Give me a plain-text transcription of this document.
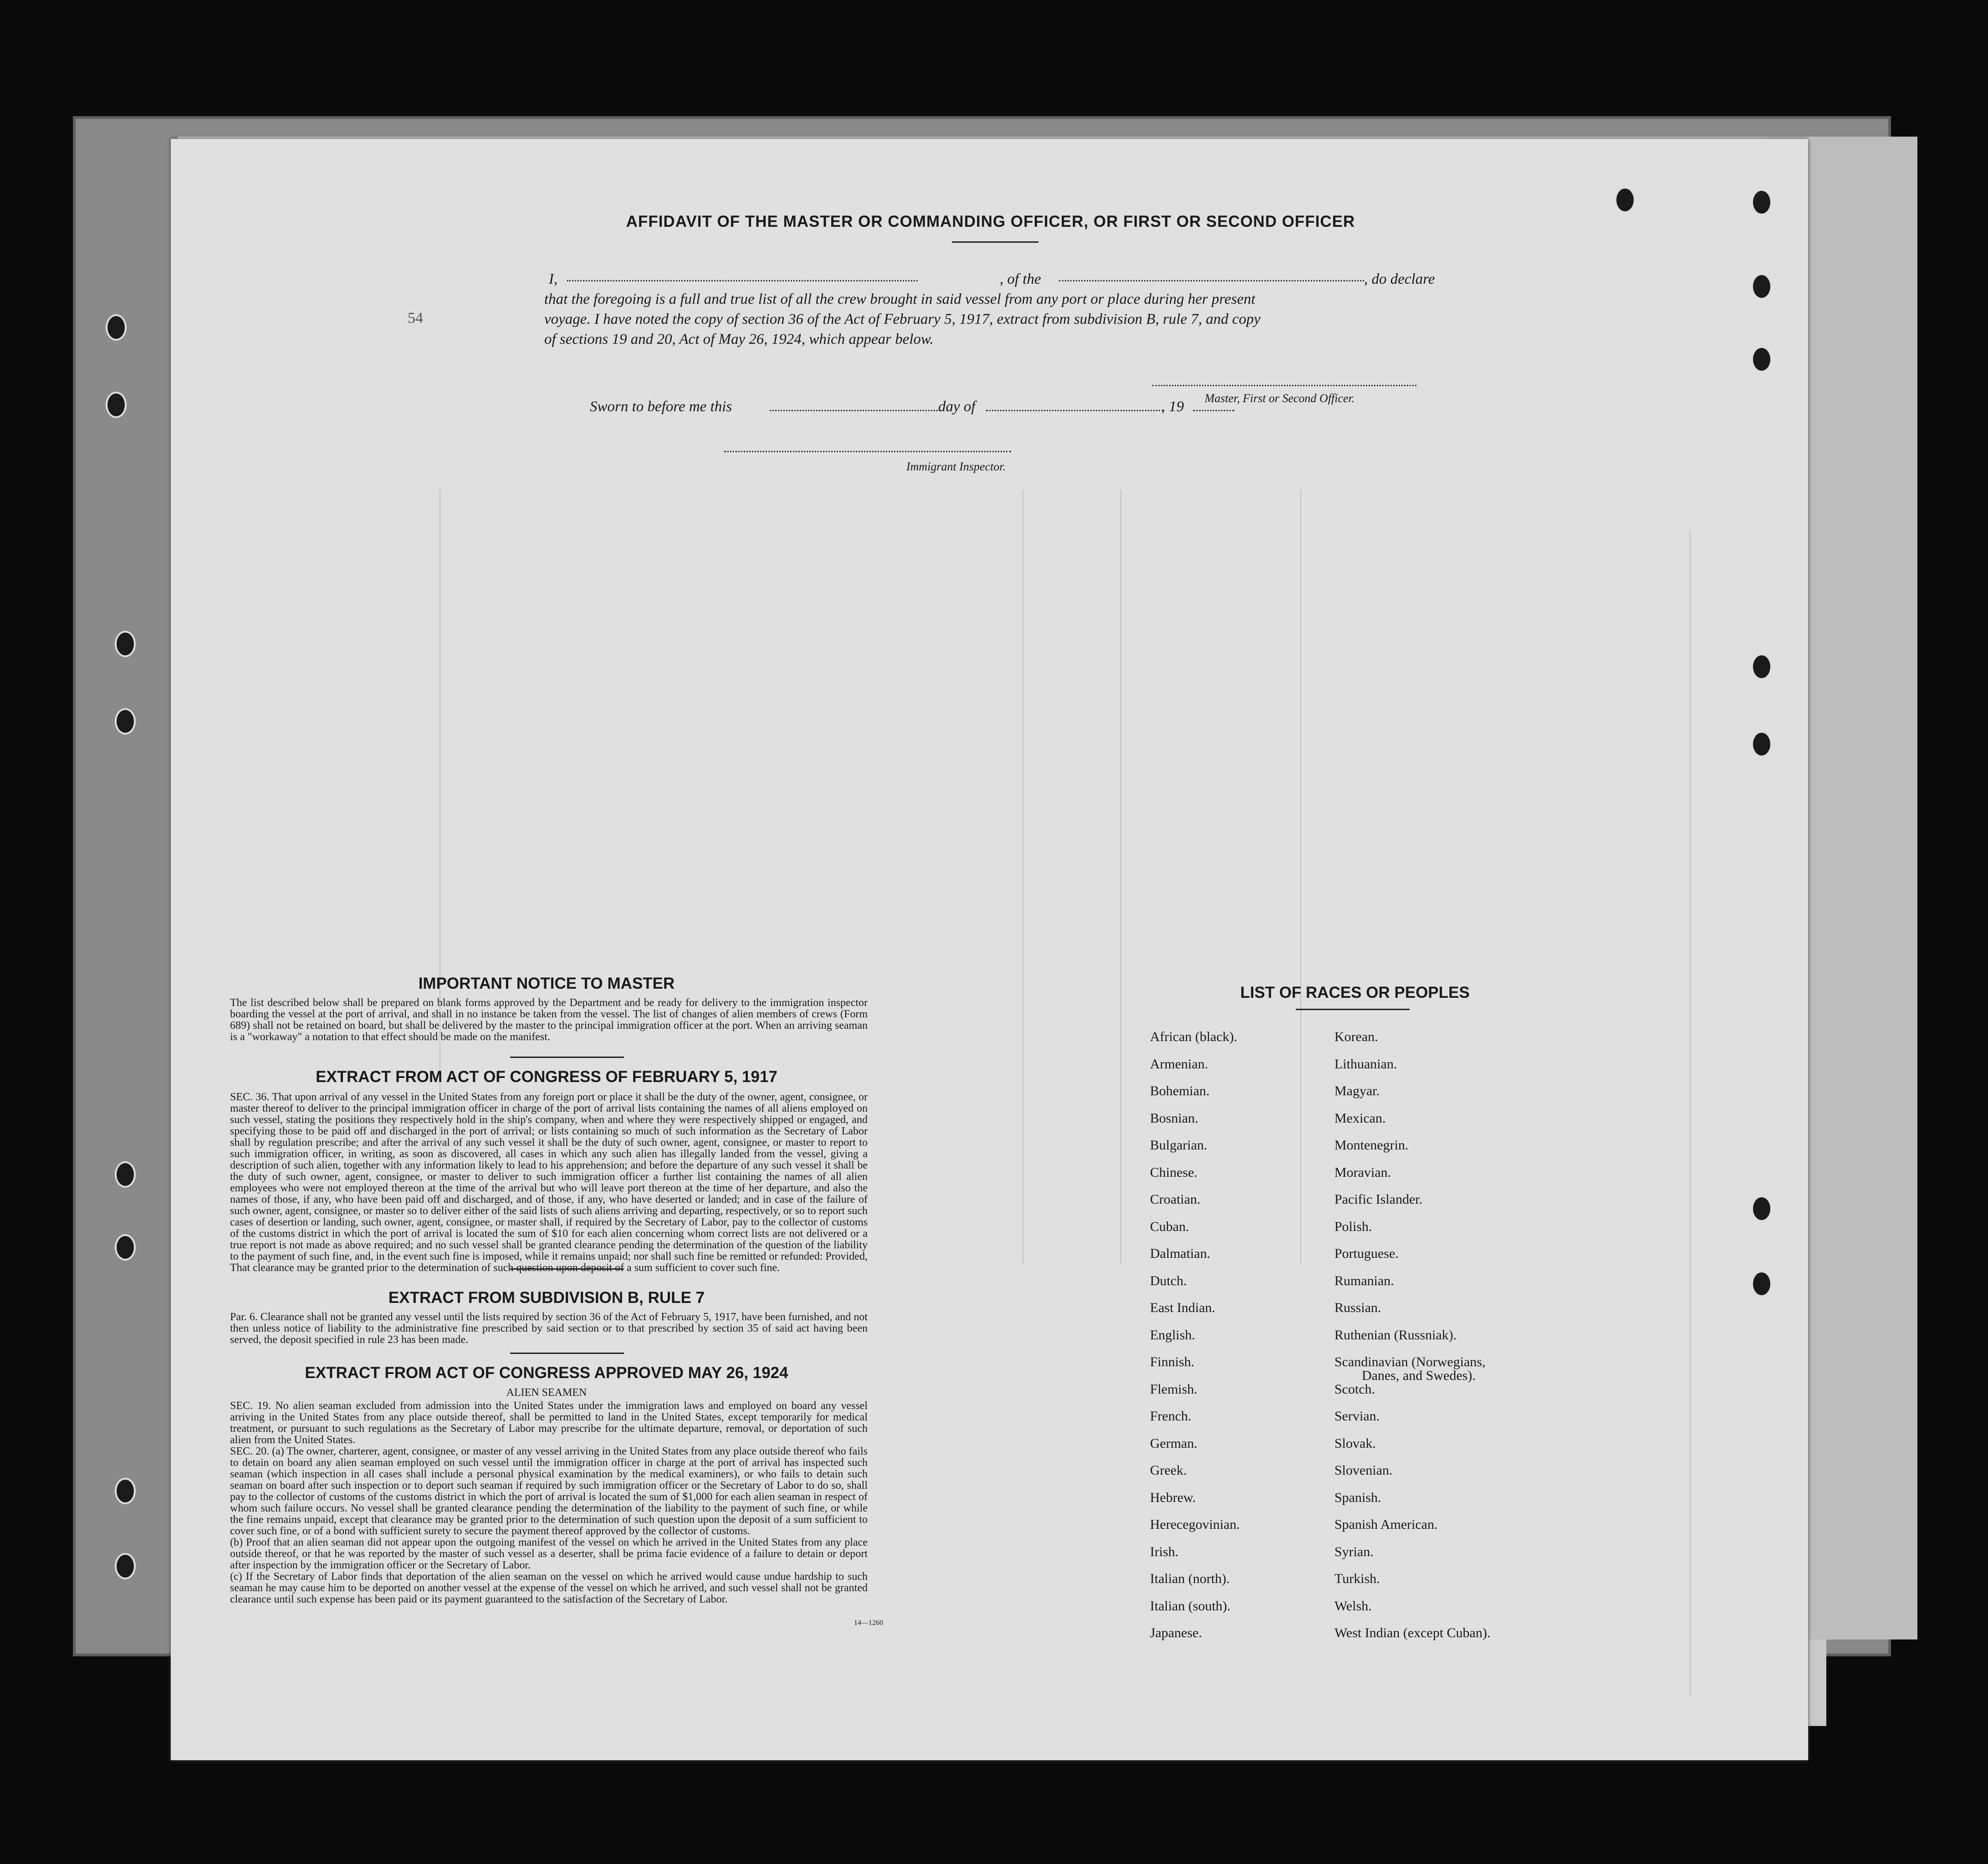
AFFIDAVIT OF THE MASTER OR COMMANDING OFFICER, OR FIRST OR SECOND OFFICER
54
I,	, of the	, do declare
that the foregoing is a full and true list of all the crew brought in said vessel from any port or place during her present
voyage. I have noted the copy of section 36 of the Act of February 5, 1917, extract from subdivision B, rule 7, and copy
of sections 19 and 20, Act of May 26, 1924, which appear below.
Master, First or Second Officer.
Sworn to before me this	day of	, 19
Immigrant Inspector.
IMPORTANT NOTICE TO MASTER
The list described below shall be prepared on blank forms approved by the Department and be ready for delivery to the immigration inspector boarding the vessel at the port of arrival, and shall in no instance be taken from the vessel. The list of changes of alien members of crews (Form 689) shall not be retained on board, but shall be delivered by the master to the principal immigration officer at the port. When an arriving seaman is a "workaway" a notation to that effect should be made on the manifest.
EXTRACT FROM ACT OF CONGRESS OF FEBRUARY 5, 1917
SEC. 36. That upon arrival of any vessel in the United States from any foreign port or place it shall be the duty of the owner, agent, consignee, or master thereof to deliver to the principal immigration officer in charge of the port of arrival lists containing the names of all aliens employed on such vessel, stating the positions they respectively hold in the ship's company, when and where they were respectively shipped or engaged, and specifying those to be paid off and discharged in the port of arrival; or lists containing so much of such information as the Secretary of Labor shall by regulation prescribe; and after the arrival of any such vessel it shall be the duty of such owner, agent, consignee, or master to report to such immigration officer, in writing, as soon as discovered, all cases in which any such alien has illegally landed from the vessel, giving a description of such alien, together with any information likely to lead to his apprehension; and before the departure of any such vessel it shall be the duty of such owner, agent, consignee, or master to deliver to such immigration officer a further list containing the names of all alien employees who were not employed thereon at the time of the arrival but who will leave port thereon at the time of her departure, and also the names of those, if any, who have been paid off and discharged, and of those, if any, who have deserted or landed; and in case of the failure of such owner, agent, consignee, or master so to deliver either of the said lists of such aliens arriving and departing, respectively, or so to report such cases of desertion or landing, such owner, agent, consignee, or master shall, if required by the Secretary of Labor, pay to the collector of customs of the customs district in which the port of arrival is located the sum of $10 for each alien concerning whom correct lists are not delivered or a true report is not made as above required; and no such vessel shall be granted clearance pending the determination of the question of the liability to the payment of such fine, and, in the event such fine is imposed, while it remains unpaid; nor shall such fine be remitted or refunded: Provided, That clearance may be granted prior to the determination of such question upon deposit of a sum sufficient to cover such fine.
EXTRACT FROM SUBDIVISION B, RULE 7
Par. 6. Clearance shall not be granted any vessel until the lists required by section 36 of the Act of February 5, 1917, have been furnished, and not then unless notice of liability to the administrative fine prescribed by said section or to that prescribed by section 35 of said act having been served, the deposit specified in rule 23 has been made.
EXTRACT FROM ACT OF CONGRESS APPROVED MAY 26, 1924
ALIEN SEAMEN
SEC. 19. No alien seaman excluded from admission into the United States under the immigration laws and employed on board any vessel arriving in the United States from any place outside thereof, shall be permitted to land in the United States, except temporarily for medical treatment, or pursuant to such regulations as the Secretary of Labor may prescribe for the ultimate departure, removal, or deportation of such alien from the United States.
SEC. 20. (a) The owner, charterer, agent, consignee, or master of any vessel arriving in the United States from any place outside thereof who fails to detain on board any alien seaman employed on such vessel until the immigration officer in charge at the port of arrival has inspected such seaman (which inspection in all cases shall include a personal physical examination by the medical examiners), or who fails to detain such seaman on board after such inspection or to deport such seaman if required by such immigration officer or the Secretary of Labor to do so, shall pay to the collector of customs of the customs district in which the port of arrival is located the sum of $1,000 for each alien seaman in respect of whom such failure occurs. No vessel shall be granted clearance pending the determination of the liability to the payment of such fine, or while the fine remains unpaid, except that clearance may be granted prior to the determination of such question upon the deposit of a sum sufficient to cover such fine, or of a bond with sufficient surety to secure the payment thereof approved by the collector of customs.
(b) Proof that an alien seaman did not appear upon the outgoing manifest of the vessel on which he arrived in the United States from any place outside thereof, or that he was reported by the master of such vessel as a deserter, shall be prima facie evidence of a failure to detain or deport after inspection by the immigration officer or the Secretary of Labor.
(c) If the Secretary of Labor finds that deportation of the alien seaman on the vessel on which he arrived would cause undue hardship to such seaman he may cause him to be deported on another vessel at the expense of the vessel on which he arrived, and such vessel shall not be granted clearance until such expense has been paid or its payment guaranteed to the satisfaction of the Secretary of Labor.
14—1260
LIST OF RACES OR PEOPLES
African (black).
Armenian.
Bohemian.
Bosnian.
Bulgarian.
Chinese.
Croatian.
Cuban.
Dalmatian.
Dutch.
East Indian.
English.
Finnish.
Flemish.
French.
German.
Greek.
Hebrew.
Herecegovinian.
Irish.
Italian (north).
Italian (south).
Japanese.
Korean.
Lithuanian.
Magyar.
Mexican.
Montenegrin.
Moravian.
Pacific Islander.
Polish.
Portuguese.
Rumanian.
Russian.
Ruthenian (Russniak).
Scandinavian (Norwegians,
Danes, and Swedes).
Scotch.
Servian.
Slovak.
Slovenian.
Spanish.
Spanish American.
Syrian.
Turkish.
Welsh.
West Indian (except Cuban).
